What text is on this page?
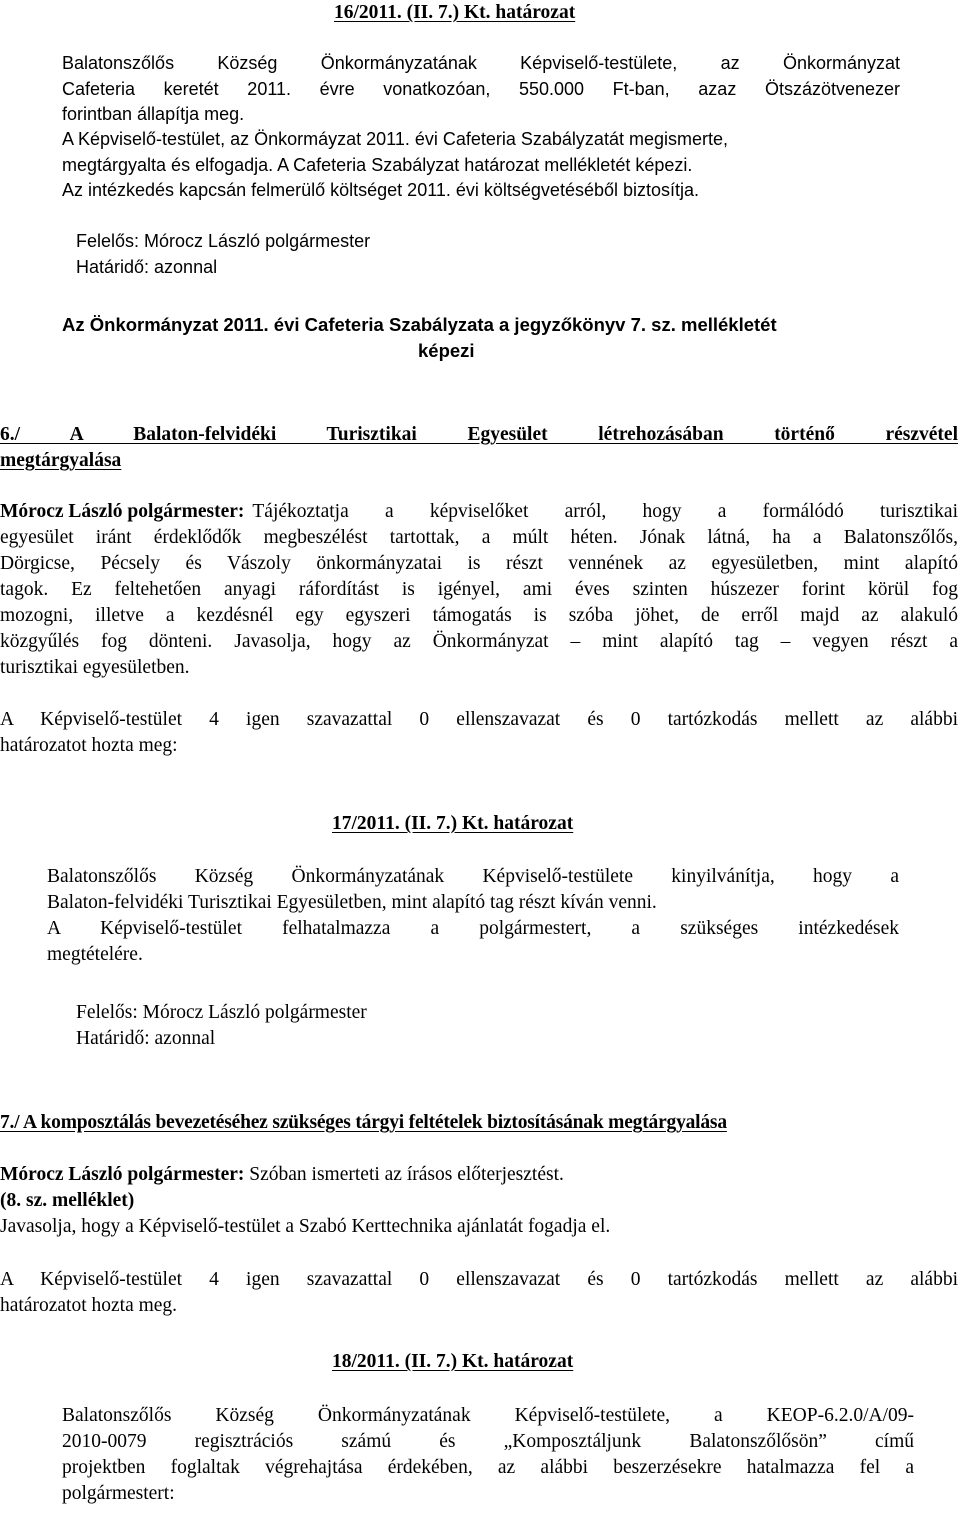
16/2011. (II. 7.) Kt. határozat
Balatonszőlős Község Önkormányzatának Képviselő-testülete, az Önkormányzat
Cafeteria keretét 2011. évre vonatkozóan, 550.000 Ft-ban, azaz Ötszázötvenezer
forintban állapítja meg.
A Képviselő-testület, az Önkormáyzat 2011. évi Cafeteria Szabályzatát megismerte,
megtárgyalta és elfogadja. A Cafeteria Szabályzat határozat mellékletét képezi.
Az intézkedés kapcsán felmerülő költséget 2011. évi költségvetéséből biztosítja.
Felelős: Mórocz László polgármester
Határidő: azonnal
Az Önkormányzat 2011. évi Cafeteria Szabályzata a jegyzőkönyv 7. sz. mellékletét
képezi
6./ A Balaton-felvidéki Turisztikai Egyesület létrehozásában történő részvétel
megtárgyalása
Mórocz László polgármester: Tájékoztatja a képviselőket arról, hogy a formálódó turisztikai
egyesület iránt érdeklődők megbeszélést tartottak, a múlt héten. Jónak látná, ha a Balatonszőlős,
Dörgicse, Pécsely és Vászoly önkormányzatai is részt vennének az egyesületben, mint alapító
tagok. Ez feltehetően anyagi ráfordítást is igényel, ami éves szinten húszezer forint körül fog
mozogni, illetve a kezdésnél egy egyszeri támogatás is szóba jöhet, de erről majd az alakuló
közgyűlés fog dönteni. Javasolja, hogy az Önkormányzat – mint alapító tag – vegyen részt a
turisztikai egyesületben.
A Képviselő-testület 4 igen szavazattal 0 ellenszavazat és 0 tartózkodás mellett az alábbi
határozatot hozta meg:
17/2011. (II. 7.) Kt. határozat
Balatonszőlős Község Önkormányzatának Képviselő-testülete kinyilvánítja, hogy a
Balaton-felvidéki Turisztikai Egyesületben, mint alapító tag részt kíván venni.
A Képviselő-testület felhatalmazza a polgármestert, a szükséges intézkedések
megtételére.
Felelős: Mórocz László polgármester
Határidő: azonnal
7./ A komposztálás bevezetéséhez szükséges tárgyi feltételek biztosításának megtárgyalása
Mórocz László polgármester: Szóban ismerteti az írásos előterjesztést.
(8. sz. melléklet)
Javasolja, hogy a Képviselő-testület a Szabó Kerttechnika ajánlatát fogadja el.
A Képviselő-testület 4 igen szavazattal 0 ellenszavazat és 0 tartózkodás mellett az alábbi
határozatot hozta meg.
18/2011. (II. 7.) Kt. határozat
Balatonszőlős Község Önkormányzatának Képviselő-testülete, a KEOP-6.2.0/A/09-
2010-0079 regisztrációs számú és „Komposztáljunk Balatonszőlősön” című
projektben foglaltak végrehajtása érdekében, az alábbi beszerzésekre hatalmazza fel a
polgármestert:
